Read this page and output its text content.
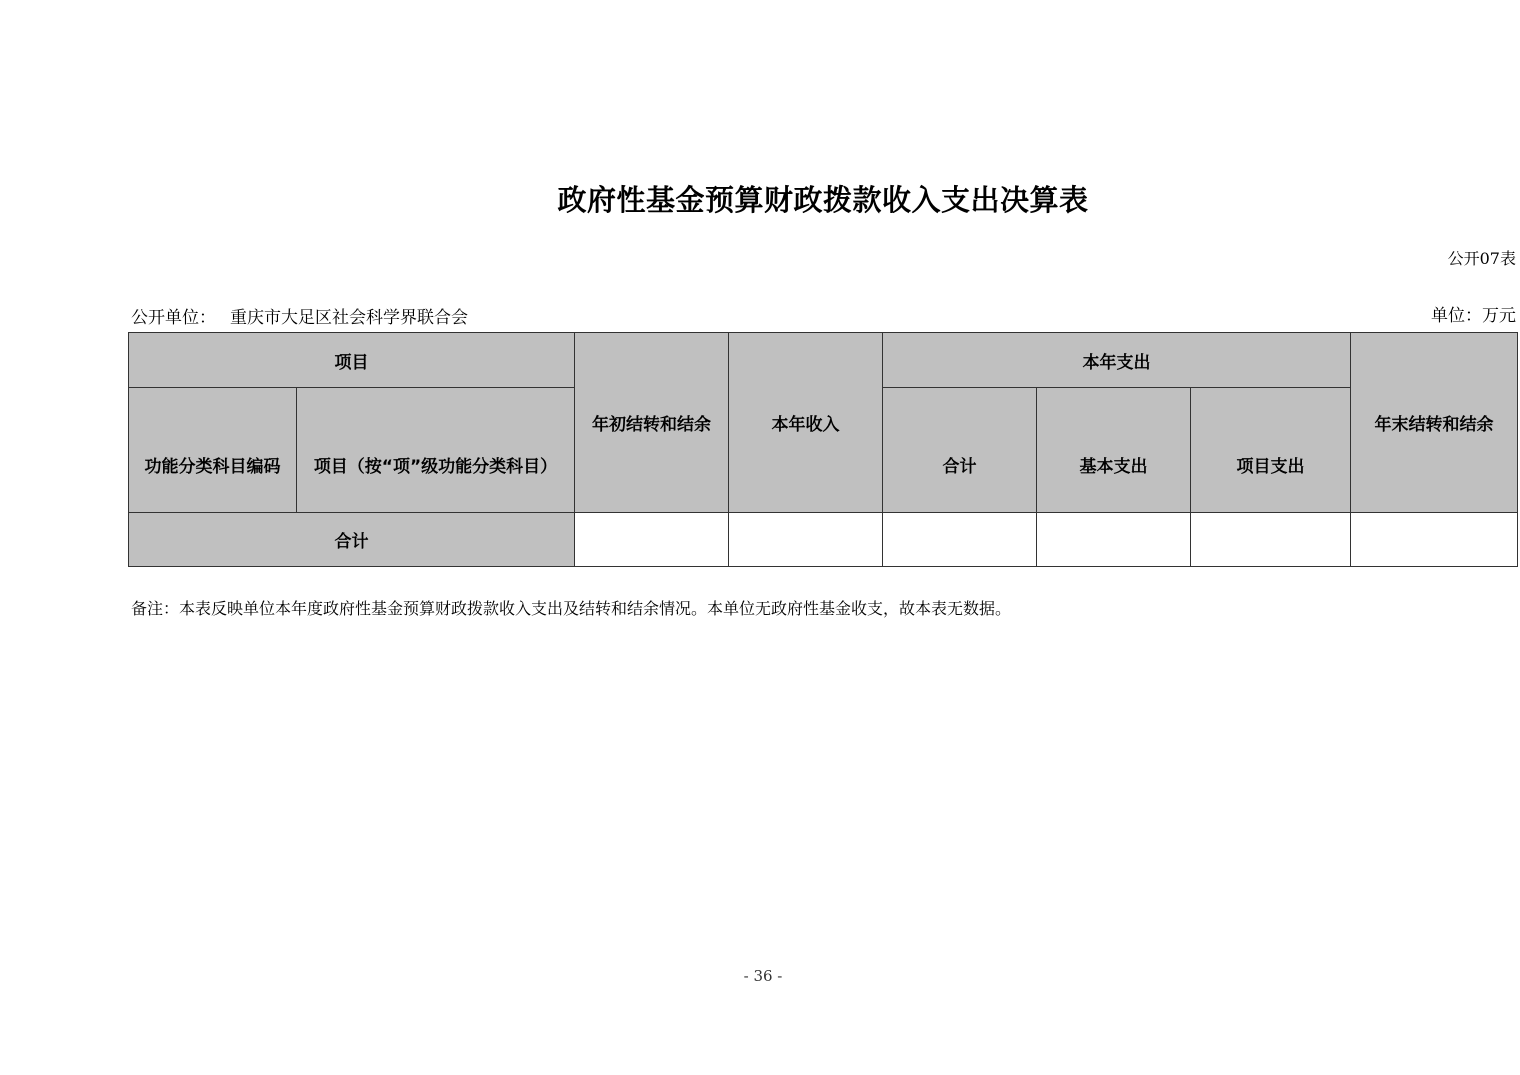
政府性基金预算财政拨款收入支出决算表
公开07表
公开单位： 重庆市大足区社会科学界联合会	单位：万元
项目		年初结转和结余	本年收入	本年支出			年末结转和结余
功能分类科目编码	项目（按“项”级功能分类科目）			合计	基本支出	项目支出	
合计							
备注：本表反映单位本年度政府性基金预算财政拨款收入支出及结转和结余情况。本单位无政府性基金收支，故本表无数据。
- 36 -
